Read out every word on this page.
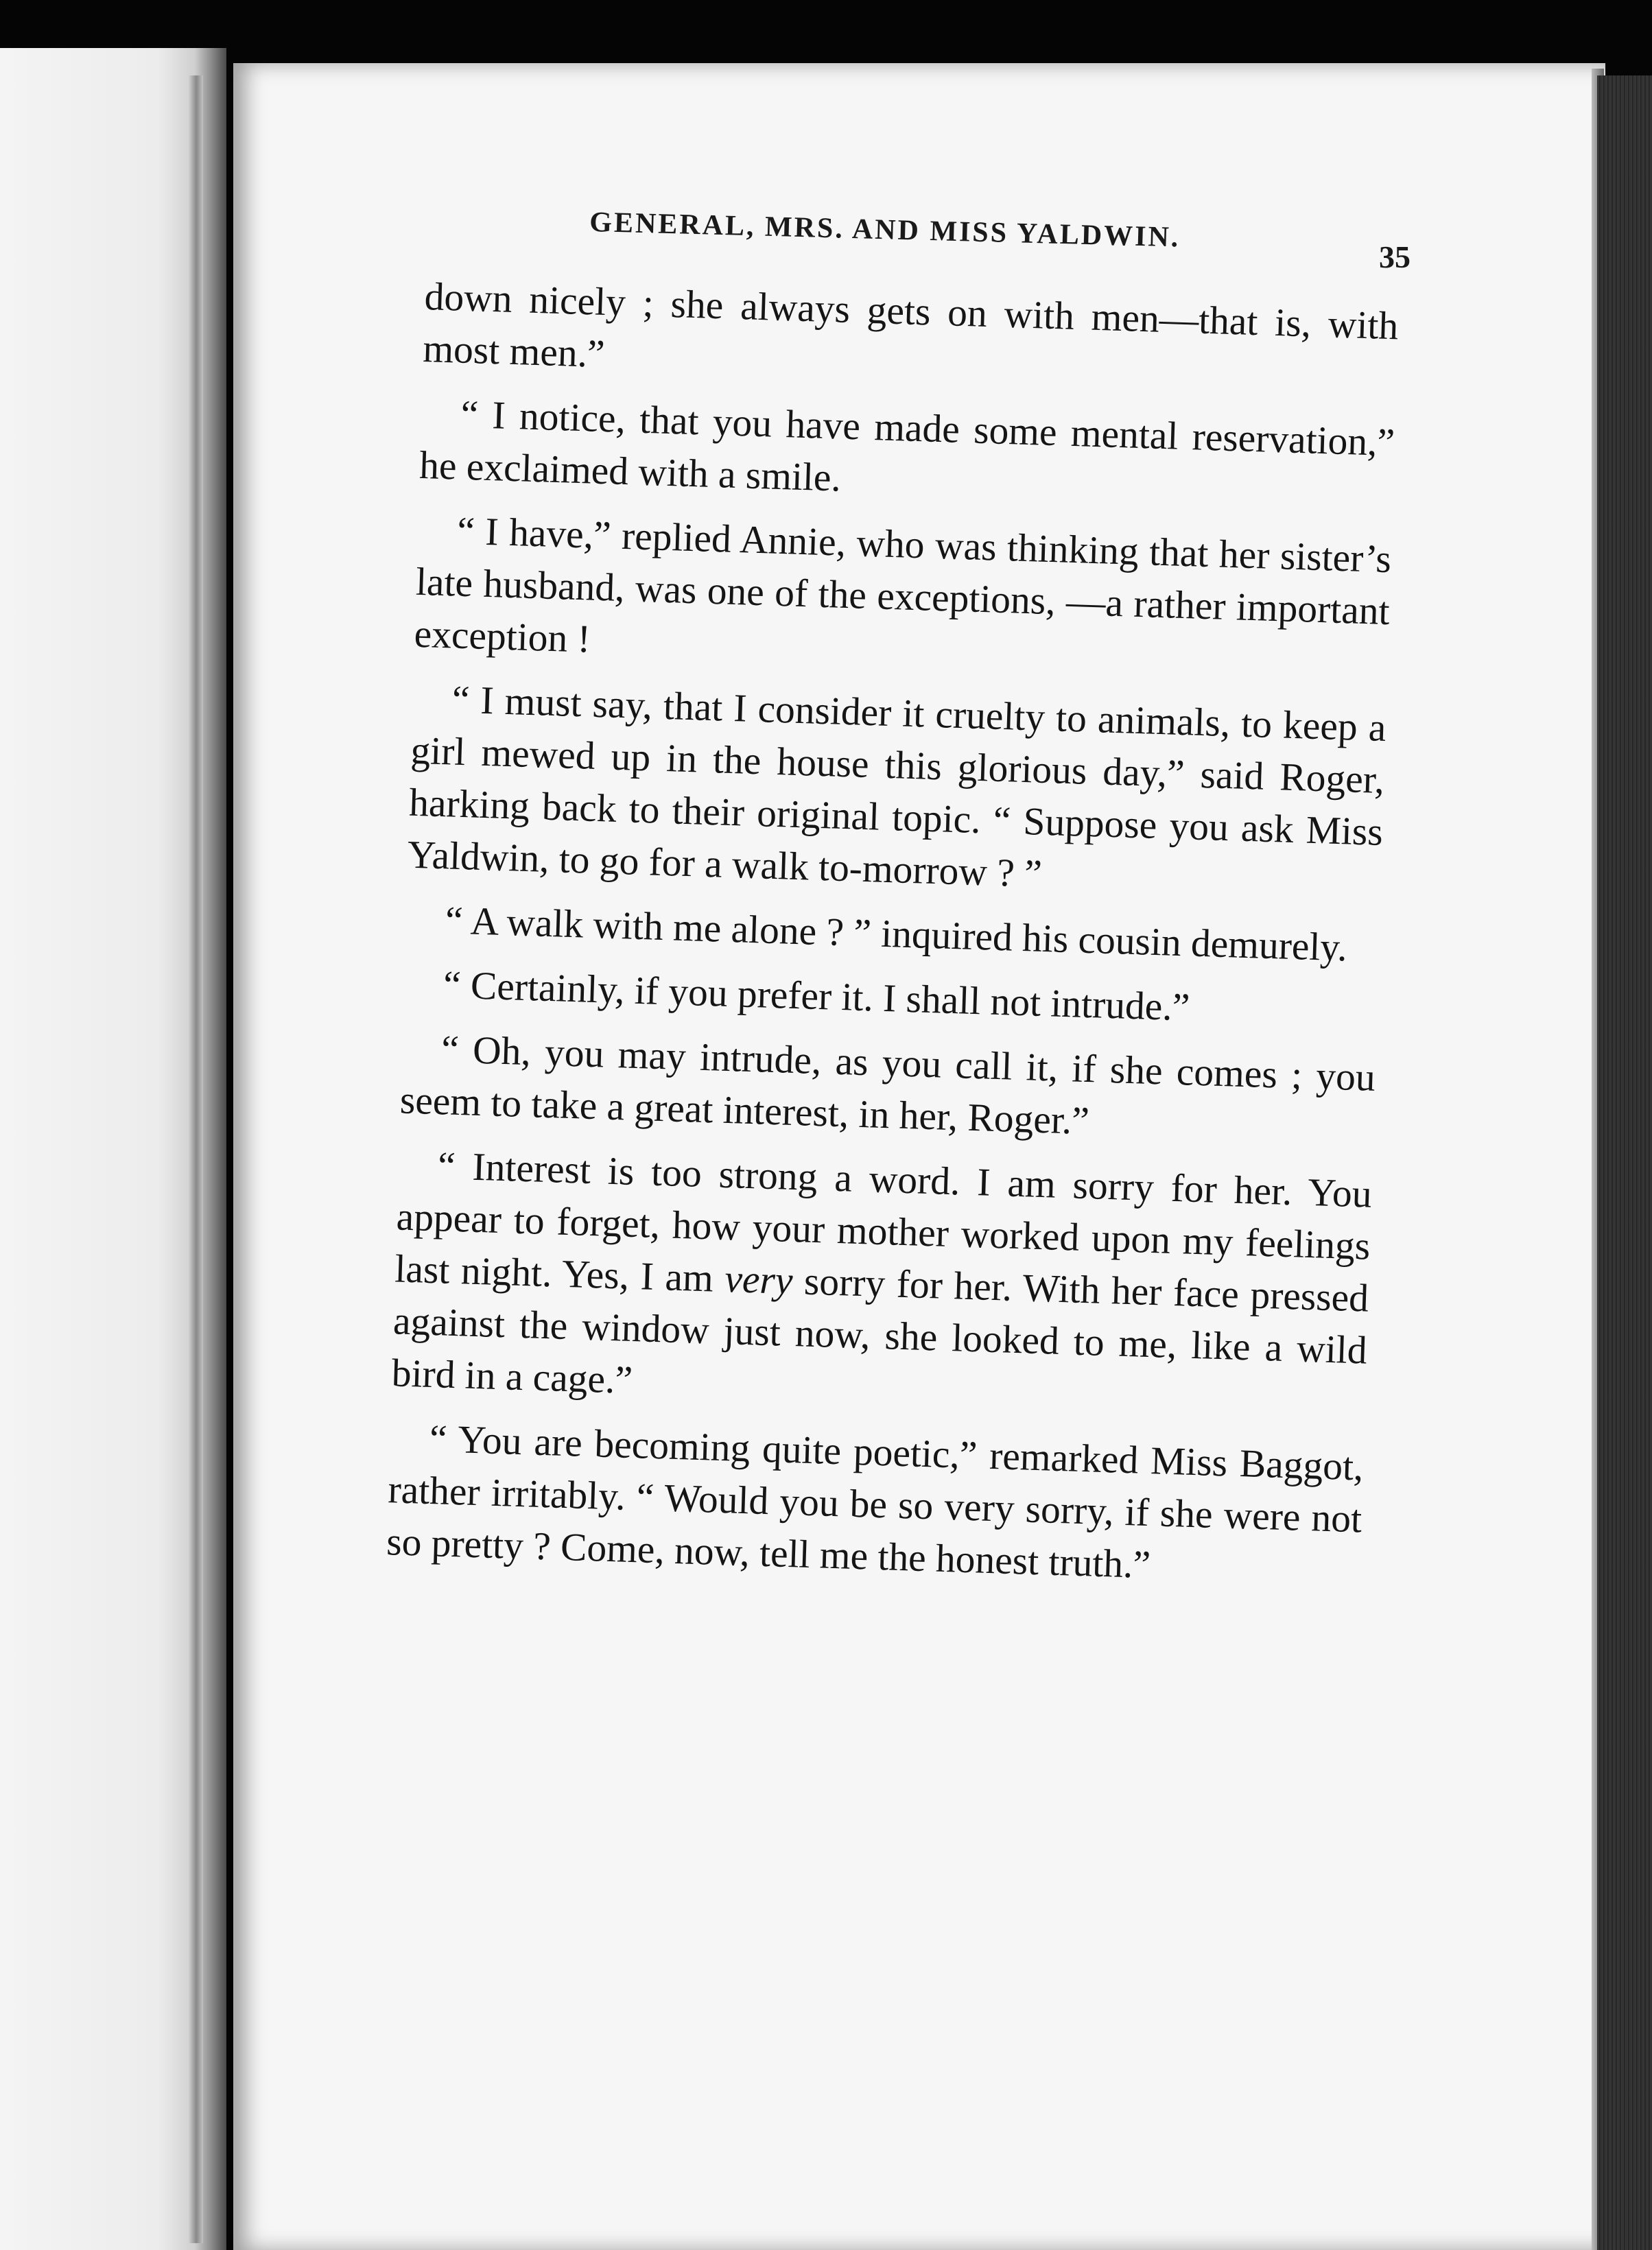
GENERAL, MRS. AND MISS YALDWIN.
35

down nicely ; she always gets on with men—that is, with most men.”

“ I notice, that you have made some mental reservation,” he exclaimed with a smile.

“ I have,” replied Annie, who was thinking that her sister’s late husband, was one of the exceptions, —a rather important exception !

“ I must say, that I consider it cruelty to animals, to keep a girl mewed up in the house this glorious day,” said Roger, harking back to their original topic. “ Suppose you ask Miss Yaldwin, to go for a walk to-morrow ? ”

“ A walk with me alone ? ” inquired his cousin demurely.

“ Certainly, if you prefer it. I shall not intrude.”

“ Oh, you may intrude, as you call it, if she comes ; you seem to take a great interest, in her, Roger.”

“ Interest is too strong a word. I am sorry for her. You appear to forget, how your mother worked upon my feelings last night. Yes, I am very sorry for her. With her face pressed against the window just now, she looked to me, like a wild bird in a cage.”

“ You are becoming quite poetic,” remarked Miss Baggot, rather irritably. “ Would you be so very sorry, if she were not so pretty ? Come, now, tell me the honest truth.”
